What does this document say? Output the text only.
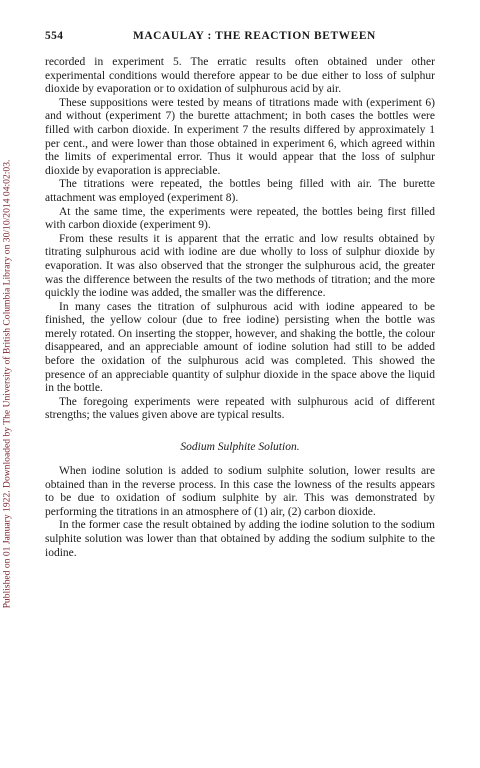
Published on 01 January 1922. Downloaded by The University of British Columbia Library on 30/10/2014 04:02:03.
554	MACAULAY : THE REACTION BETWEEN

recorded in experiment 5. The erratic results often obtained under other experimental conditions would therefore appear to be due either to loss of sulphur dioxide by evaporation or to oxidation of sulphurous acid by air.

These suppositions were tested by means of titrations made with (experiment 6) and without (experiment 7) the burette attachment; in both cases the bottles were filled with carbon dioxide. In experiment 7 the results differed by approximately 1 per cent., and were lower than those obtained in experiment 6, which agreed within the limits of experimental error. Thus it would appear that the loss of sulphur dioxide by evaporation is appreciable.

The titrations were repeated, the bottles being filled with air. The burette attachment was employed (experiment 8).

At the same time, the experiments were repeated, the bottles being first filled with carbon dioxide (experiment 9).

From these results it is apparent that the erratic and low results obtained by titrating sulphurous acid with iodine are due wholly to loss of sulphur dioxide by evaporation. It was also observed that the stronger the sulphurous acid, the greater was the difference between the results of the two methods of titration; and the more quickly the iodine was added, the smaller was the difference.

In many cases the titration of sulphurous acid with iodine appeared to be finished, the yellow colour (due to free iodine) persisting when the bottle was merely rotated. On inserting the stopper, however, and shaking the bottle, the colour disappeared, and an appreciable amount of iodine solution had still to be added before the oxidation of the sulphurous acid was completed. This showed the presence of an appreciable quantity of sulphur dioxide in the space above the liquid in the bottle.

The foregoing experiments were repeated with sulphurous acid of different strengths; the values given above are typical results.

Sodium Sulphite Solution.

When iodine solution is added to sodium sulphite solution, lower results are obtained than in the reverse process. In this case the lowness of the results appears to be due to oxidation of sodium sulphite by air. This was demonstrated by performing the titrations in an atmosphere of (1) air, (2) carbon dioxide.

In the former case the result obtained by adding the iodine solution to the sodium sulphite solution was lower than that obtained by adding the sodium sulphite to the iodine.
